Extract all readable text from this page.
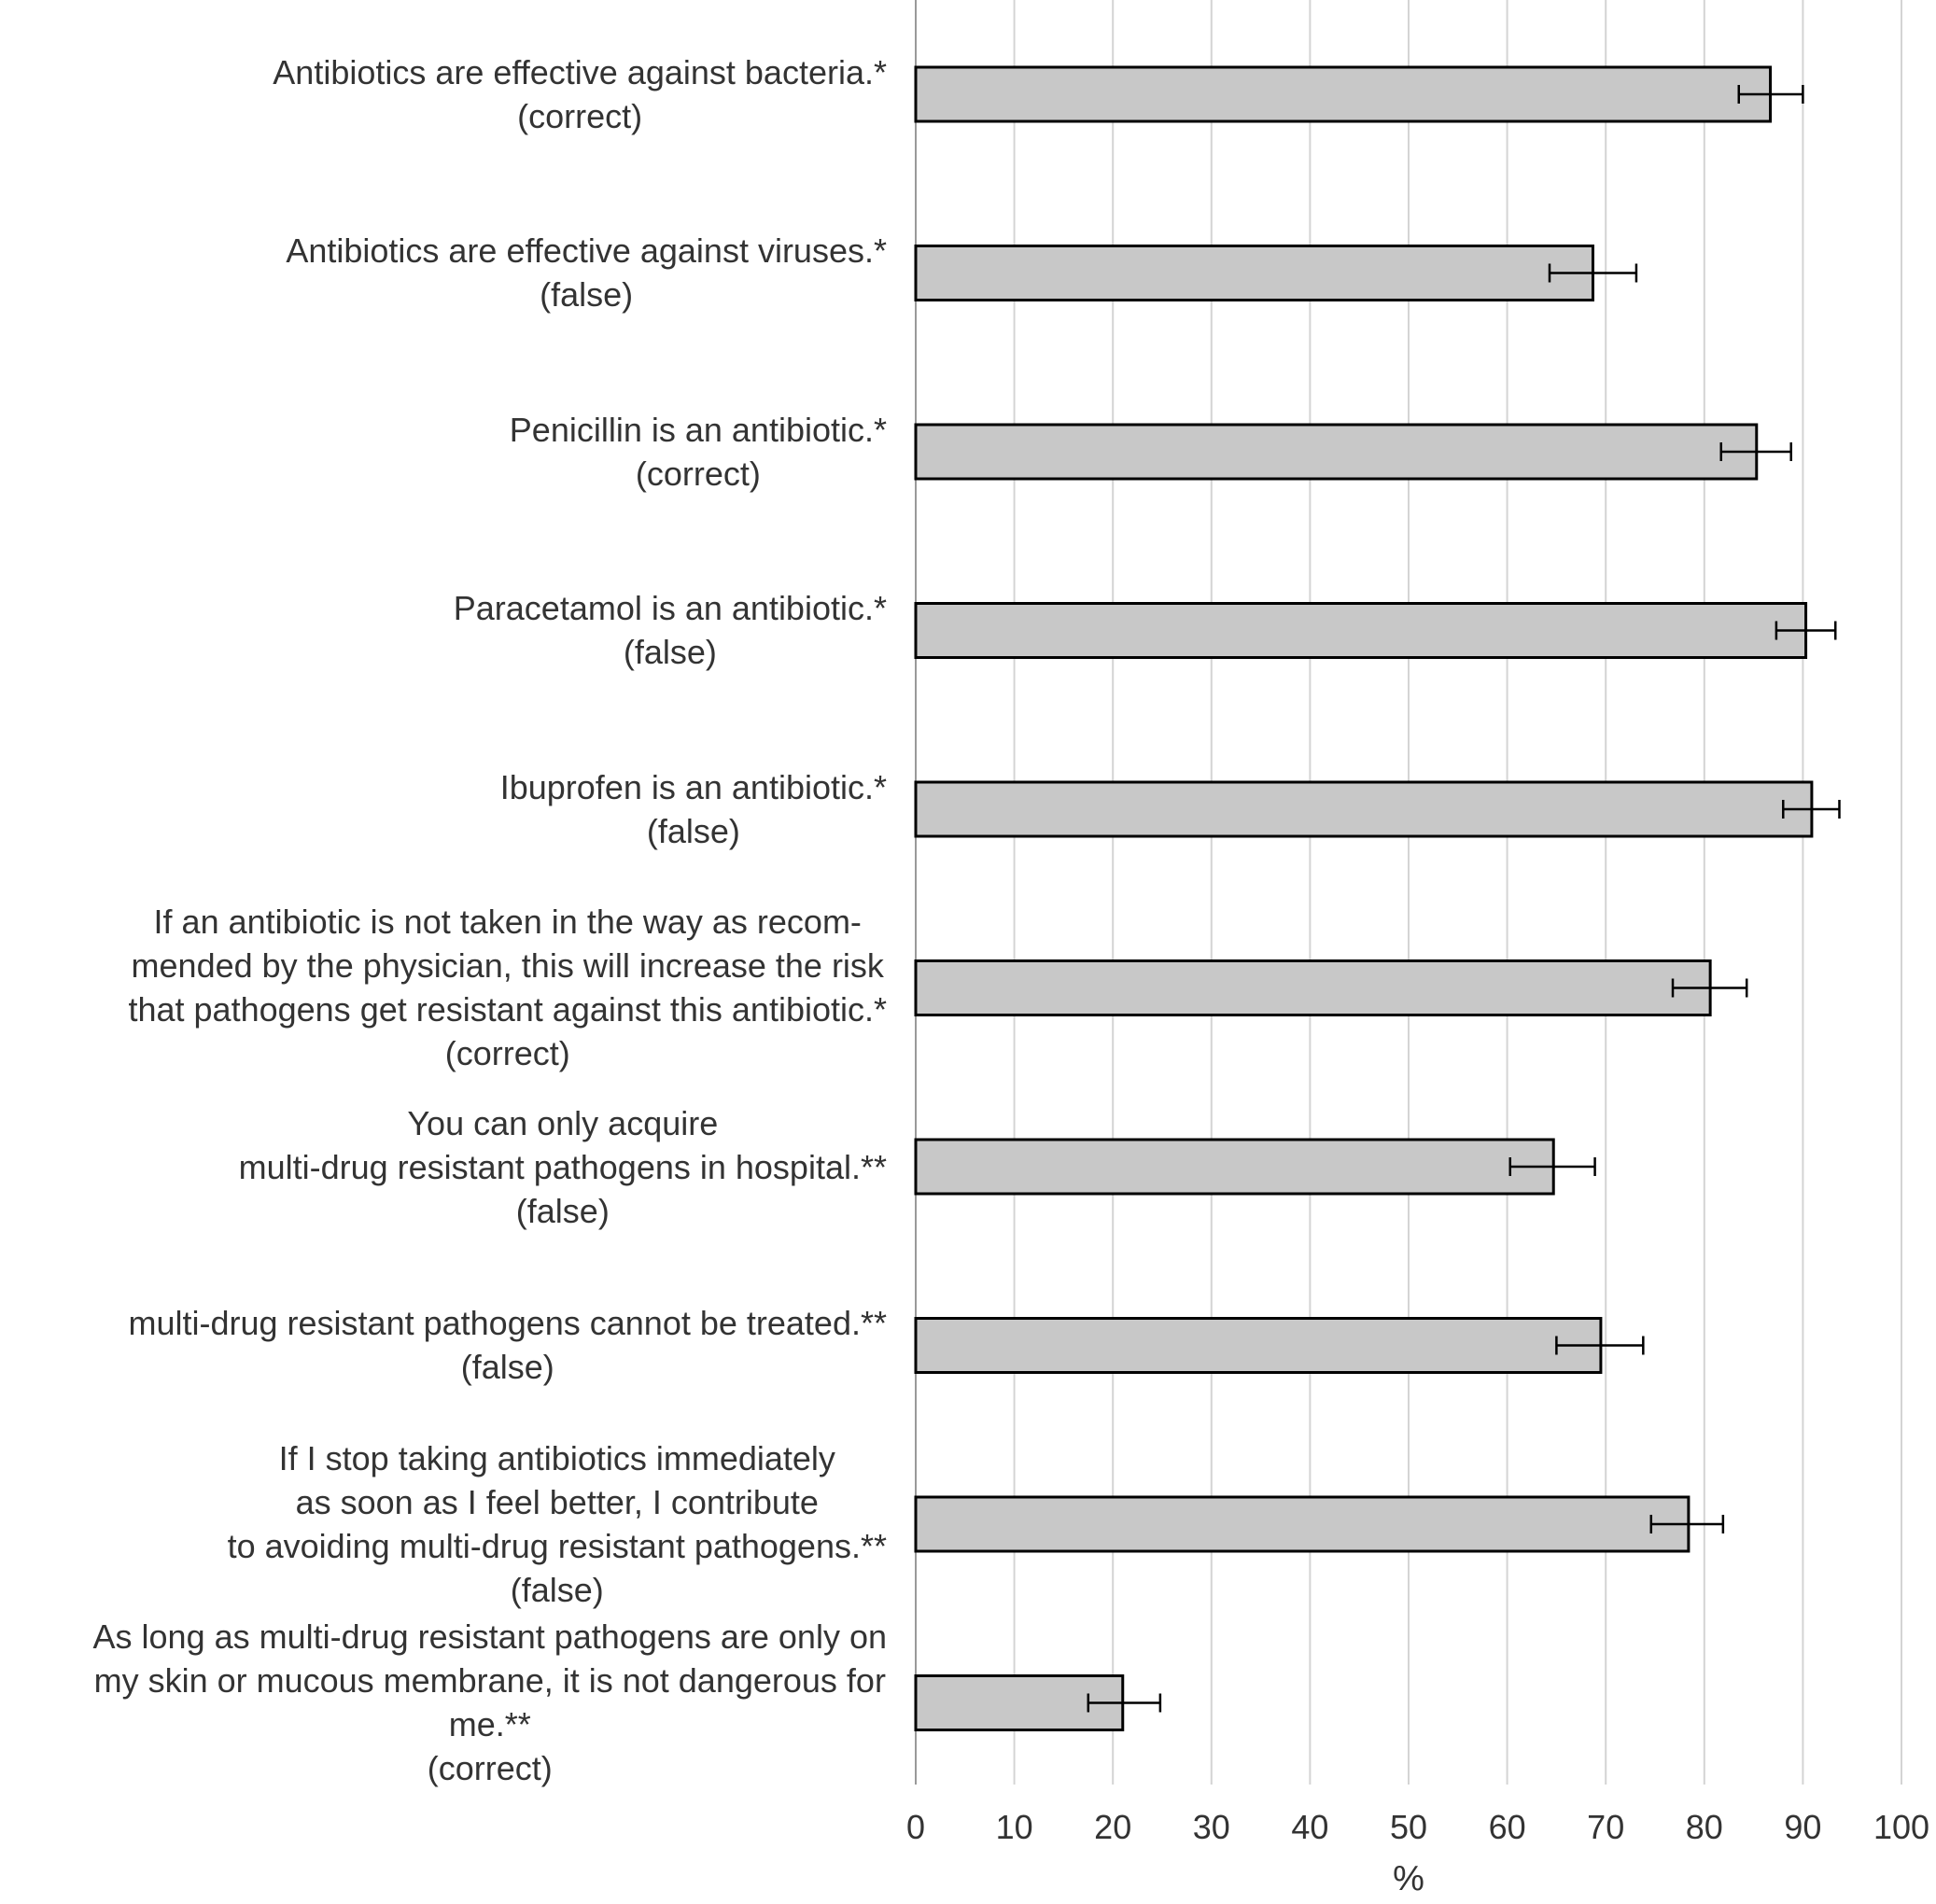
0 10 20 30 40 50 60 70 80 90 100
%
Antibiotics are effective against bacteria.*
(correct)
Antibiotics are effective against viruses.*
(false)
Penicillin is an antibiotic.*
(correct)
Paracetamol is an antibiotic.*
(false)
Ibuprofen is an antibiotic.*
(false)
If an antibiotic is not taken in the way as recom-
mended by the physician, this will increase the risk
that pathogens get resistant against this antibiotic.*
(correct)
You can only acquire
multi-drug resistant pathogens in hospital.**
(false)
multi-drug resistant pathogens cannot be treated.**
(false)
If I stop taking antibiotics immediately
as soon as I feel better, I contribute
to avoiding multi-drug resistant pathogens.**
(false)
As long as multi-drug resistant pathogens are only on
my skin or mucous membrane, it is not dangerous for
me.**
(correct)
